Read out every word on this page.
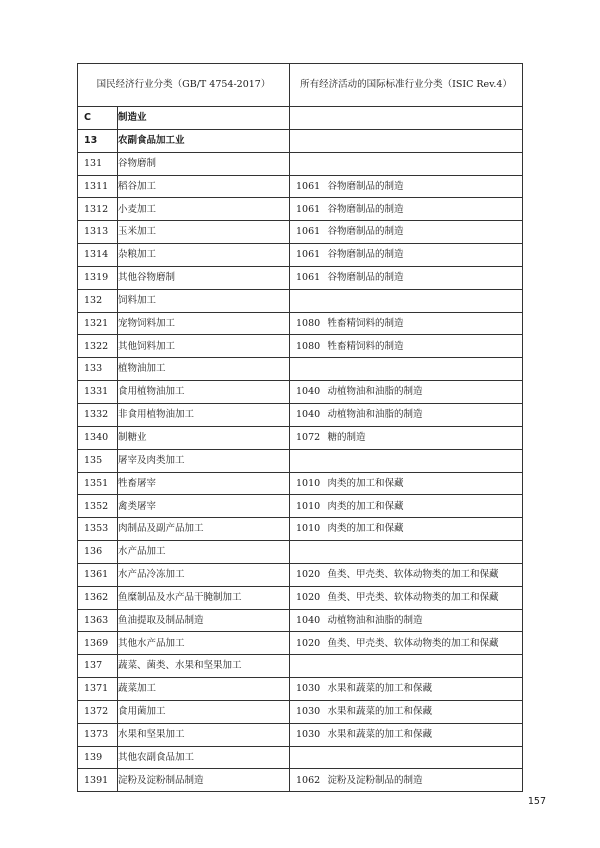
国民经济行业分类（GB/T 4754-2017）		所有经济活动的国际标准行业分类（ISIC Rev.4）	
C	制造业		
13	农副食品加工业		
131	谷物磨制		
1311	稻谷加工	1061	谷物磨制品的制造
1312	小麦加工	1061	谷物磨制品的制造
1313	玉米加工	1061	谷物磨制品的制造
1314	杂粮加工	1061	谷物磨制品的制造
1319	其他谷物磨制	1061	谷物磨制品的制造
132	饲料加工		
1321	宠物饲料加工	1080	牲畜精饲料的制造
1322	其他饲料加工	1080	牲畜精饲料的制造
133	植物油加工		
1331	食用植物油加工	1040	动植物油和油脂的制造
1332	非食用植物油加工	1040	动植物油和油脂的制造
1340	制糖业	1072	糖的制造
135	屠宰及肉类加工		
1351	牲畜屠宰	1010	肉类的加工和保藏
1352	禽类屠宰	1010	肉类的加工和保藏
1353	肉制品及副产品加工	1010	肉类的加工和保藏
136	水产品加工		
1361	水产品冷冻加工	1020	鱼类、甲壳类、软体动物类的加工和保藏
1362	鱼糜制品及水产品干腌制加工	1020	鱼类、甲壳类、软体动物类的加工和保藏
1363	鱼油提取及制品制造	1040	动植物油和油脂的制造
1369	其他水产品加工	1020	鱼类、甲壳类、软体动物类的加工和保藏
137	蔬菜、菌类、水果和坚果加工		
1371	蔬菜加工	1030	水果和蔬菜的加工和保藏
1372	食用菌加工	1030	水果和蔬菜的加工和保藏
1373	水果和坚果加工	1030	水果和蔬菜的加工和保藏
139	其他农副食品加工		
1391	淀粉及淀粉制品制造	1062	淀粉及淀粉制品的制造
157
